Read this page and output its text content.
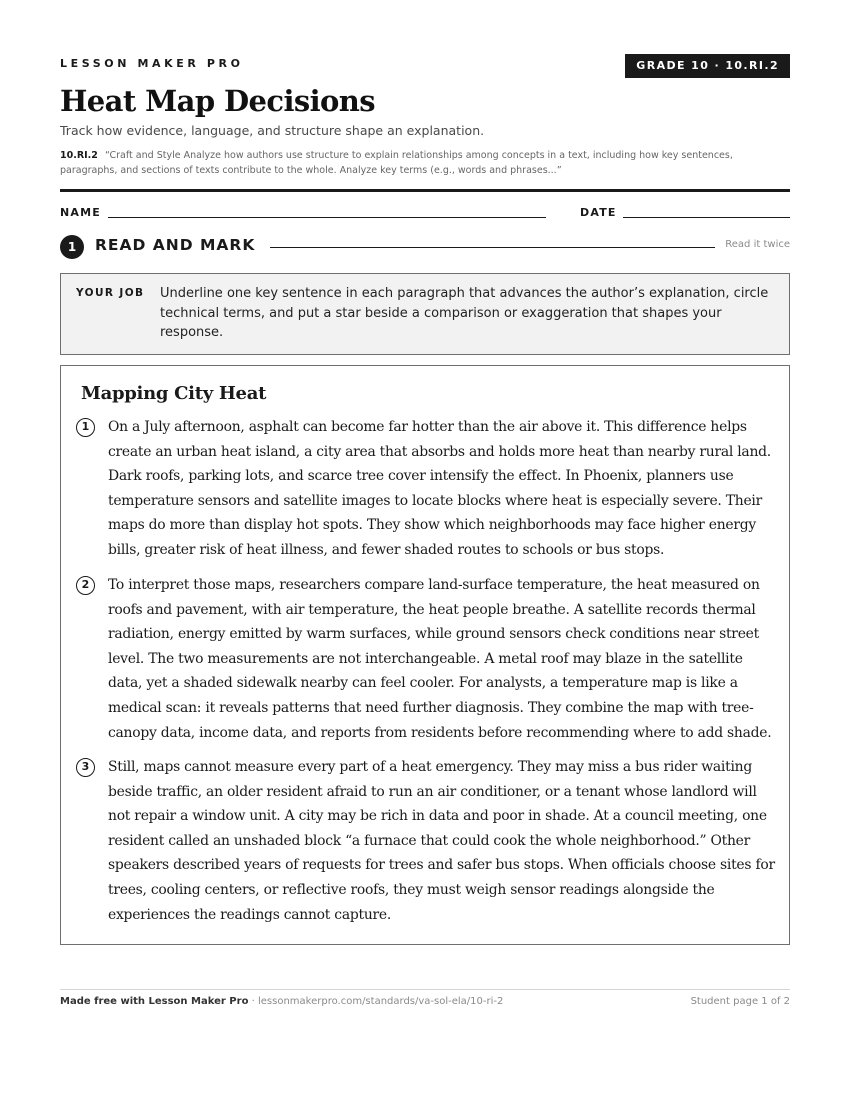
LESSON MAKER PRO	GRADE 10 · 10.RI.2
Heat Map Decisions
Track how evidence, language, and structure shape an explanation.
10.RI.2 “Craft and Style Analyze how authors use structure to explain relationships among concepts in a text, including how key sentences, paragraphs, and sections of texts contribute to the whole. Analyze key terms (e.g., words and phrases...”
NAME	DATE
1	READ AND MARK	Read it twice
YOUR JOB Underline one key sentence in each paragraph that advances the author’s explanation, circle technical terms, and put a star beside a comparison or exaggeration that shapes your response.
Mapping City Heat
1	On a July afternoon, asphalt can become far hotter than the air above it. This difference helps create an urban heat island, a city area that absorbs and holds more heat than nearby rural land. Dark roofs, parking lots, and scarce tree cover intensify the effect. In Phoenix, planners use temperature sensors and satellite images to locate blocks where heat is especially severe. Their maps do more than display hot spots. They show which neighborhoods may face higher energy bills, greater risk of heat illness, and fewer shaded routes to schools or bus stops.

2	To interpret those maps, researchers compare land-surface temperature, the heat measured on roofs and pavement, with air temperature, the heat people breathe. A satellite records thermal radiation, energy emitted by warm surfaces, while ground sensors check conditions near street level. The two measurements are not interchangeable. A metal roof may blaze in the satellite data, yet a shaded sidewalk nearby can feel cooler. For analysts, a temperature map is like a medical scan: it reveals patterns that need further diagnosis. They combine the map with tree-canopy data, income data, and reports from residents before recommending where to add shade.

3	Still, maps cannot measure every part of a heat emergency. They may miss a bus rider waiting beside traffic, an older resident afraid to run an air conditioner, or a tenant whose landlord will not repair a window unit. A city may be rich in data and poor in shade. At a council meeting, one resident called an unshaded block “a furnace that could cook the whole neighborhood.” Other speakers described years of requests for trees and safer bus stops. When officials choose sites for trees, cooling centers, or reflective roofs, they must weigh sensor readings alongside the experiences the readings cannot capture.

Made free with Lesson Maker Pro · lessonmakerpro.com/standards/va-sol-ela/10-ri-2	Student page 1 of 2
